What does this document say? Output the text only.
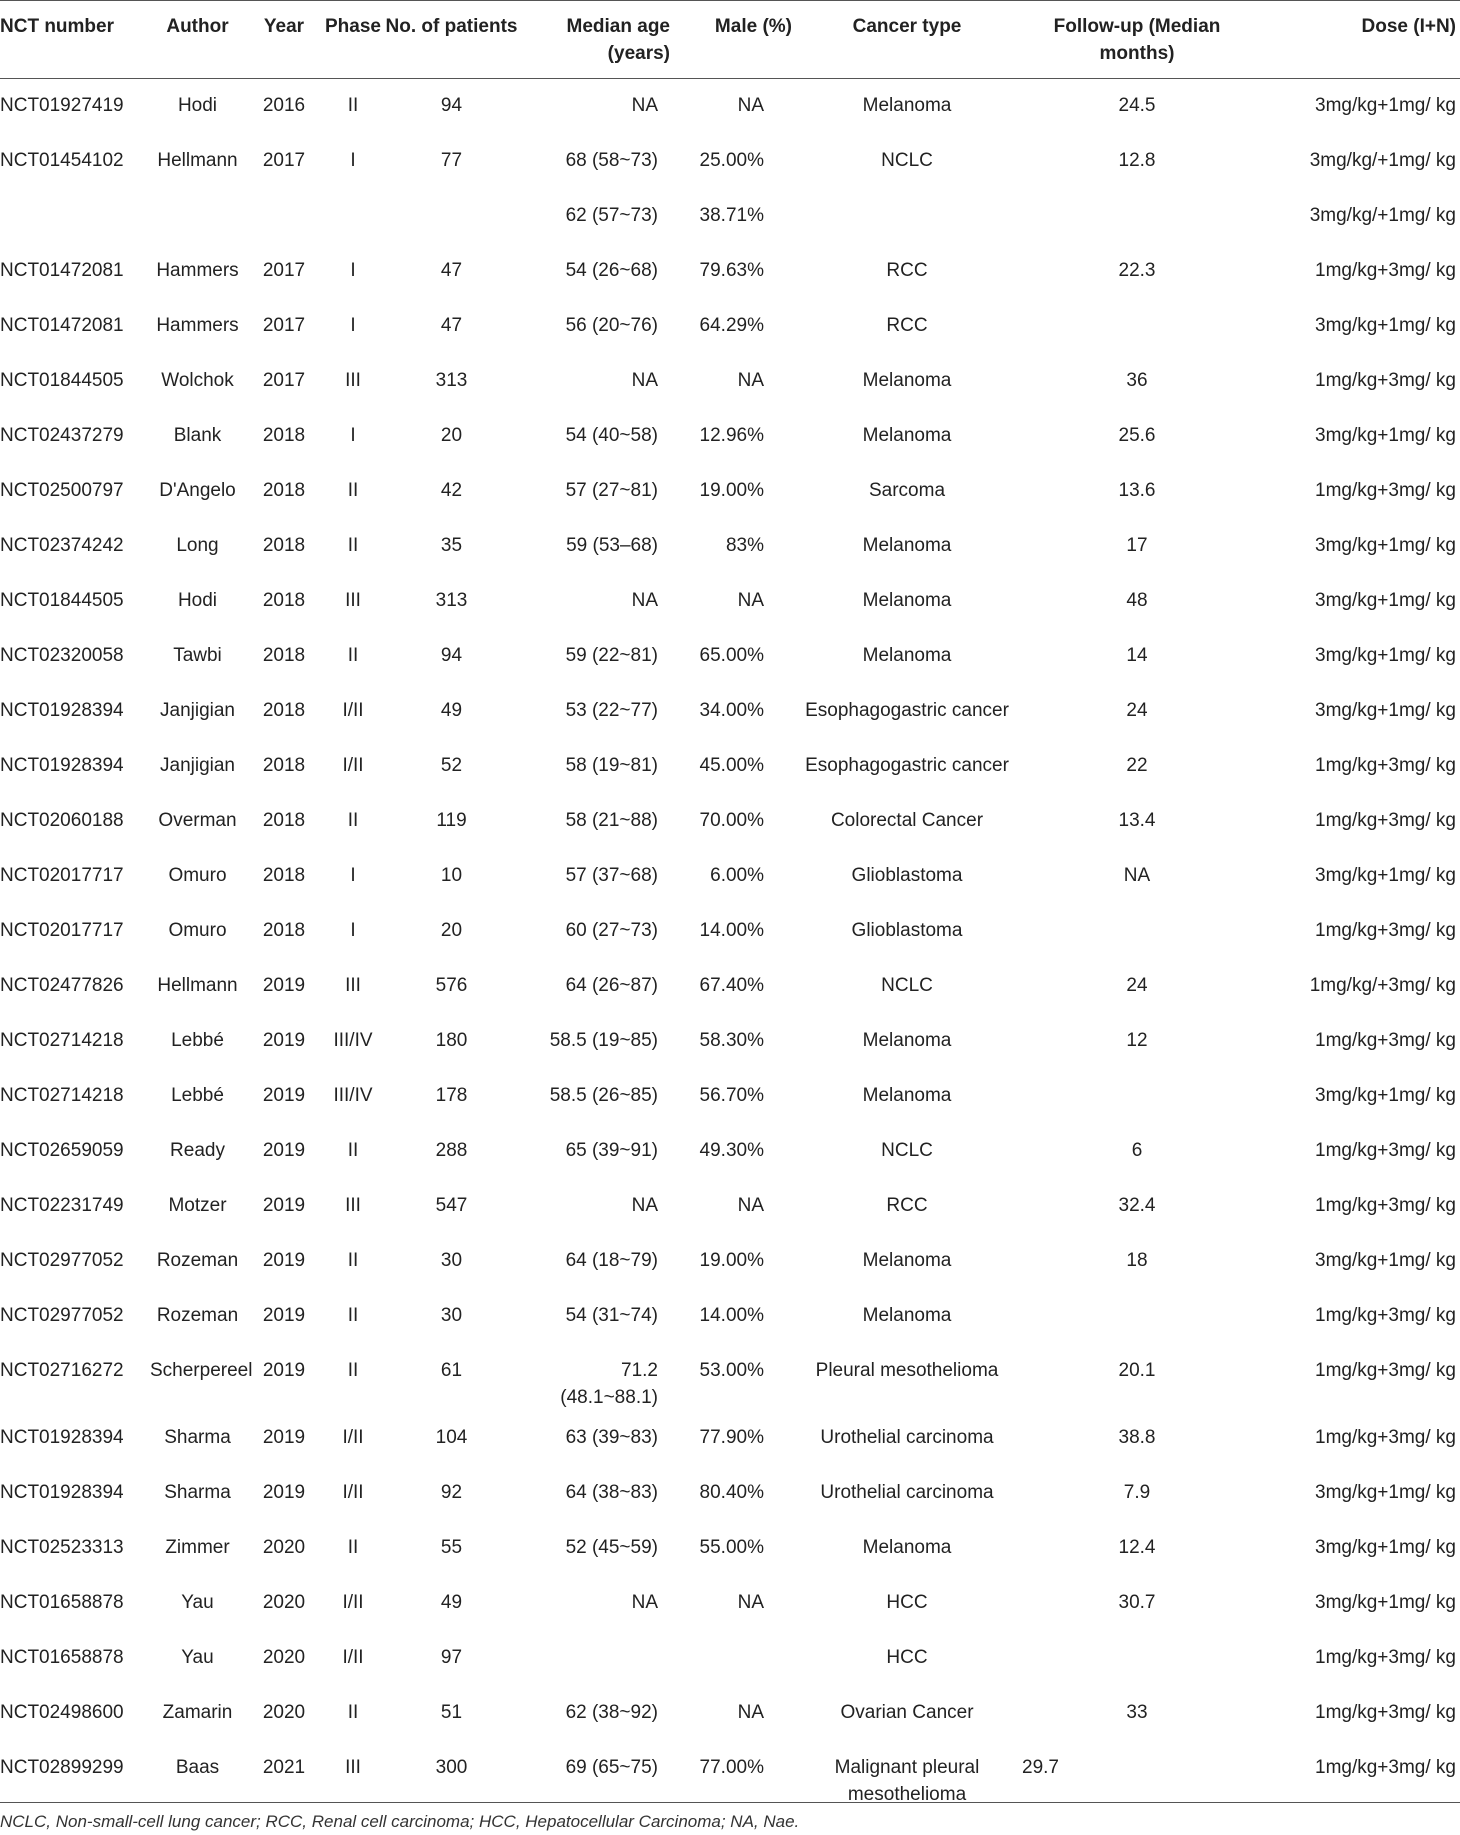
NCT number	Author	Year	Phase	No. of patients	Median age (years)	Male (%)	Cancer type	Follow-up (Median months)	Dose (I+N)
NCT01927419	Hodi	2016	II	94	NA	NA	Melanoma	24.5	3mg/kg+1mg/ kg
NCT01454102	Hellmann	2017	I	77	68 (58~73)	25.00%	NCLC	12.8	3mg/kg/+1mg/ kg
					62 (57~73)	38.71%			3mg/kg/+1mg/ kg
NCT01472081	Hammers	2017	I	47	54 (26~68)	79.63%	RCC	22.3	1mg/kg+3mg/ kg
NCT01472081	Hammers	2017	I	47	56 (20~76)	64.29%	RCC		3mg/kg+1mg/ kg
NCT01844505	Wolchok	2017	III	313	NA	NA	Melanoma	36	1mg/kg+3mg/ kg
NCT02437279	Blank	2018	I	20	54 (40~58)	12.96%	Melanoma	25.6	3mg/kg+1mg/ kg
NCT02500797	D'Angelo	2018	II	42	57 (27~81)	19.00%	Sarcoma	13.6	1mg/kg+3mg/ kg
NCT02374242	Long	2018	II	35	59 (53–68)	83%	Melanoma	17	3mg/kg+1mg/ kg
NCT01844505	Hodi	2018	III	313	NA	NA	Melanoma	48	3mg/kg+1mg/ kg
NCT02320058	Tawbi	2018	II	94	59 (22~81)	65.00%	Melanoma	14	3mg/kg+1mg/ kg
NCT01928394	Janjigian	2018	I/II	49	53 (22~77)	34.00%	Esophagogastric cancer	24	3mg/kg+1mg/ kg
NCT01928394	Janjigian	2018	I/II	52	58 (19~81)	45.00%	Esophagogastric cancer	22	1mg/kg+3mg/ kg
NCT02060188	Overman	2018	II	119	58 (21~88)	70.00%	Colorectal Cancer	13.4	1mg/kg+3mg/ kg
NCT02017717	Omuro	2018	I	10	57 (37~68)	6.00%	Glioblastoma	NA	3mg/kg+1mg/ kg
NCT02017717	Omuro	2018	I	20	60 (27~73)	14.00%	Glioblastoma		1mg/kg+3mg/ kg
NCT02477826	Hellmann	2019	III	576	64 (26~87)	67.40%	NCLC	24	1mg/kg/+3mg/ kg
NCT02714218	Lebbé	2019	III/IV	180	58.5 (19~85)	58.30%	Melanoma	12	1mg/kg+3mg/ kg
NCT02714218	Lebbé	2019	III/IV	178	58.5 (26~85)	56.70%	Melanoma		3mg/kg+1mg/ kg
NCT02659059	Ready	2019	II	288	65 (39~91)	49.30%	NCLC	6	1mg/kg+3mg/ kg
NCT02231749	Motzer	2019	III	547	NA	NA	RCC	32.4	1mg/kg+3mg/ kg
NCT02977052	Rozeman	2019	II	30	64 (18~79)	19.00%	Melanoma	18	3mg/kg+1mg/ kg
NCT02977052	Rozeman	2019	II	30	54 (31~74)	14.00%	Melanoma		1mg/kg+3mg/ kg
NCT02716272	Scherpereel	2019	II	61	71.2 (48.1~88.1)	53.00%	Pleural mesothelioma	20.1	1mg/kg+3mg/ kg
NCT01928394	Sharma	2019	I/II	104	63 (39~83)	77.90%	Urothelial carcinoma	38.8	1mg/kg+3mg/ kg
NCT01928394	Sharma	2019	I/II	92	64 (38~83)	80.40%	Urothelial carcinoma	7.9	3mg/kg+1mg/ kg
NCT02523313	Zimmer	2020	II	55	52 (45~59)	55.00%	Melanoma	12.4	3mg/kg+1mg/ kg
NCT01658878	Yau	2020	I/II	49	NA	NA	HCC	30.7	3mg/kg+1mg/ kg
NCT01658878	Yau	2020	I/II	97			HCC		1mg/kg+3mg/ kg
NCT02498600	Zamarin	2020	II	51	62 (38~92)	NA	Ovarian Cancer	33	1mg/kg+3mg/ kg
NCT02899299	Baas	2021	III	300	69 (65~75)	77.00%	Malignant pleural mesothelioma	29.7	1mg/kg+3mg/ kg
NCLC, Non-small-cell lung cancer; RCC, Renal cell carcinoma; HCC, Hepatocellular Carcinoma; NA, Nae.
